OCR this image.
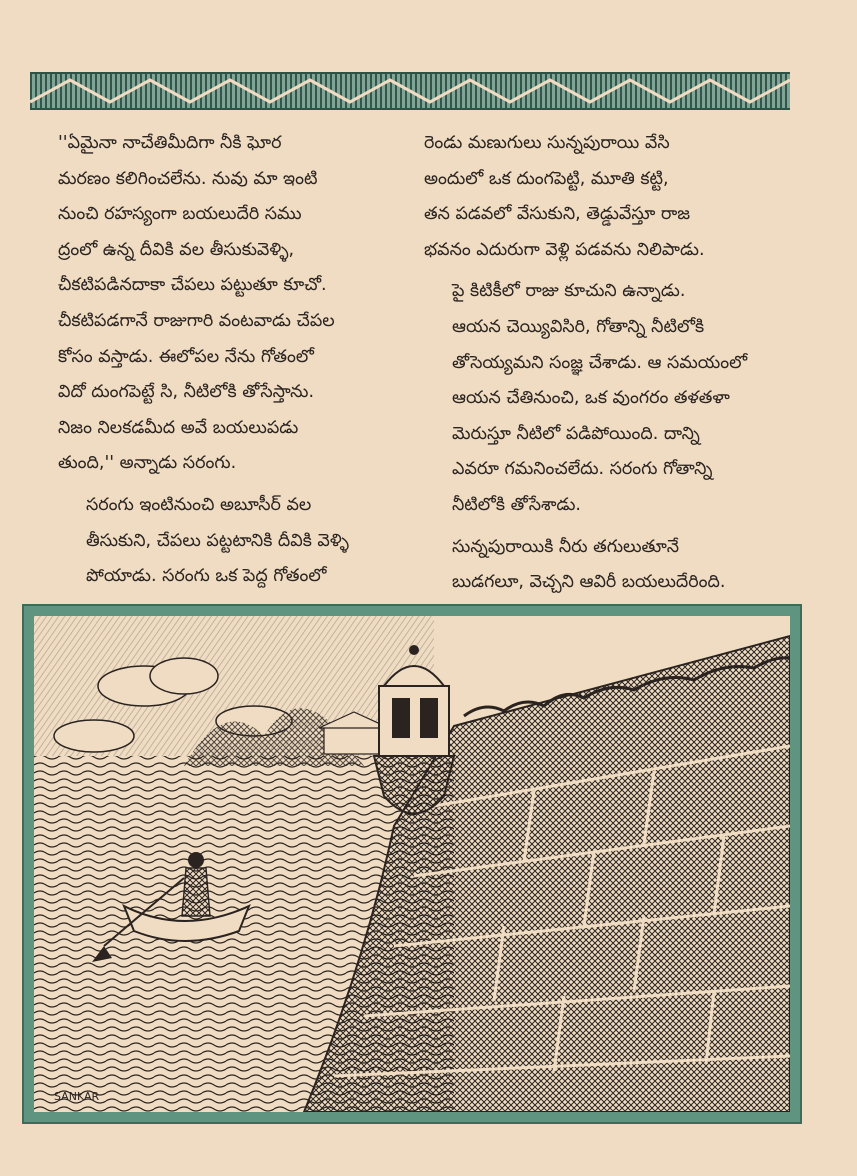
''ఏమైనా నాచేతిమీదిగా నీకి ఘోర
మరణం కలిగించలేను. నువు మా ఇంటి
నుంచి రహస్యంగా బయలుదేరి సము
ద్రంలో ఉన్న దీవికి వల తీసుకువెళ్ళి,
చీకటిపడినదాకా చేపలు పట్టుతూ కూచో.
చీకటిపడగానే రాజుగారి వంటవాడు చేపల
కోసం వస్తాడు. ఈలోపల నేను గోతంలో
విదో దుంగపెట్టే సి, నీటిలోకి తోసేస్తాను.
నిజం నిలకడమీద అవే బయలుపడు
తుంది,'' అన్నాడు సరంగు.

సరంగు ఇంటినుంచి అబూసీర్ వల
తీసుకుని, చేపలు పట్టటానికి దీవికి వెళ్ళి
పోయాడు. సరంగు ఒక పెద్ద గోతంలో

రెండు మణుగులు సున్నపురాయి వేసి
అందులో ఒక దుంగపెట్టి, మూతి కట్టి,
తన పడవలో వేసుకుని, తెడ్డువేస్తూ రాజ
భవనం ఎదురుగా వెళ్లి పడవను నిలిపాడు.

పై కిటికీలో రాజు కూచుని ఉన్నాడు.
ఆయన చెయ్యివిసిరి, గోతాన్ని నీటిలోకి
తోసెయ్యమని సంజ్ఞ చేశాడు. ఆ సమయంలో
ఆయన చేతినుంచి, ఒక వుంగరం తళతళా
మెరుస్తూ నీటిలో పడిపోయింది. దాన్ని
ఎవరూ గమనించలేదు. సరంగు గోతాన్ని
నీటిలోకి తోసేశాడు.

సున్నపురాయికి నీరు తగులుతూనే
బుడగలూ, వెచ్చని ఆవిరీ బయలుదేరింది.

SANKAR
